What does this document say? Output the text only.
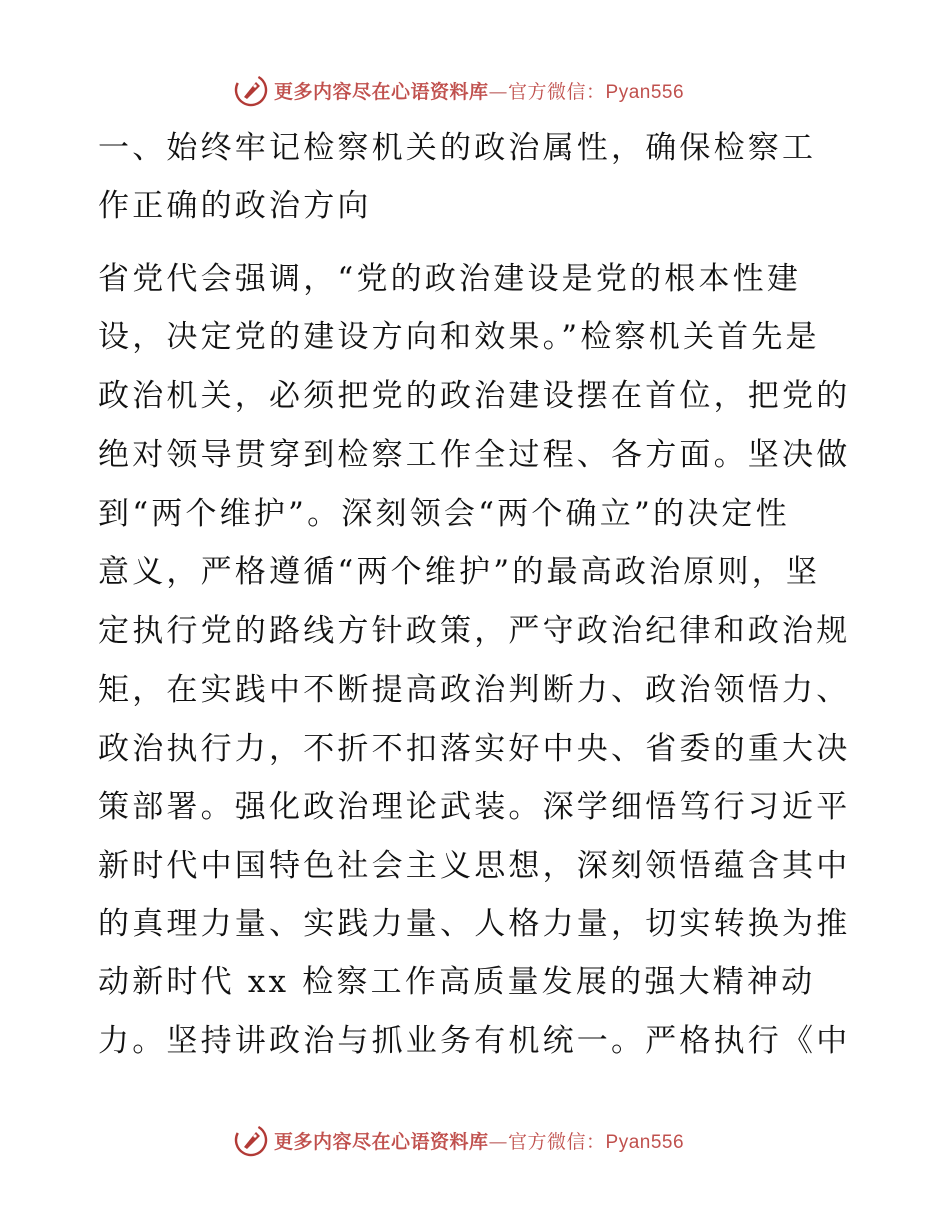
更多内容尽在心语资料库—官方微信：Pyan556
一、始终牢记检察机关的政治属性，确保检察工
作正确的政治方向
省党代会强调，“党的政治建设是党的根本性建
设，决定党的建设方向和效果。”检察机关首先是
政治机关，必须把党的政治建设摆在首位，把党的
绝对领导贯穿到检察工作全过程、各方面。坚决做
到“两个维护”。深刻领会“两个确立”的决定性
意义，严格遵循“两个维护”的最高政治原则，坚
定执行党的路线方针政策，严守政治纪律和政治规
矩，在实践中不断提高政治判断力、政治领悟力、
政治执行力，不折不扣落实好中央、省委的重大决
策部署。强化政治理论武装。深学细悟笃行习近平
新时代中国特色社会主义思想，深刻领悟蕴含其中
的真理力量、实践力量、人格力量，切实转换为推
动新时代 xx 检察工作高质量发展的强大精神动
力。坚持讲政治与抓业务有机统一。严格执行《中
更多内容尽在心语资料库—官方微信：Pyan556
